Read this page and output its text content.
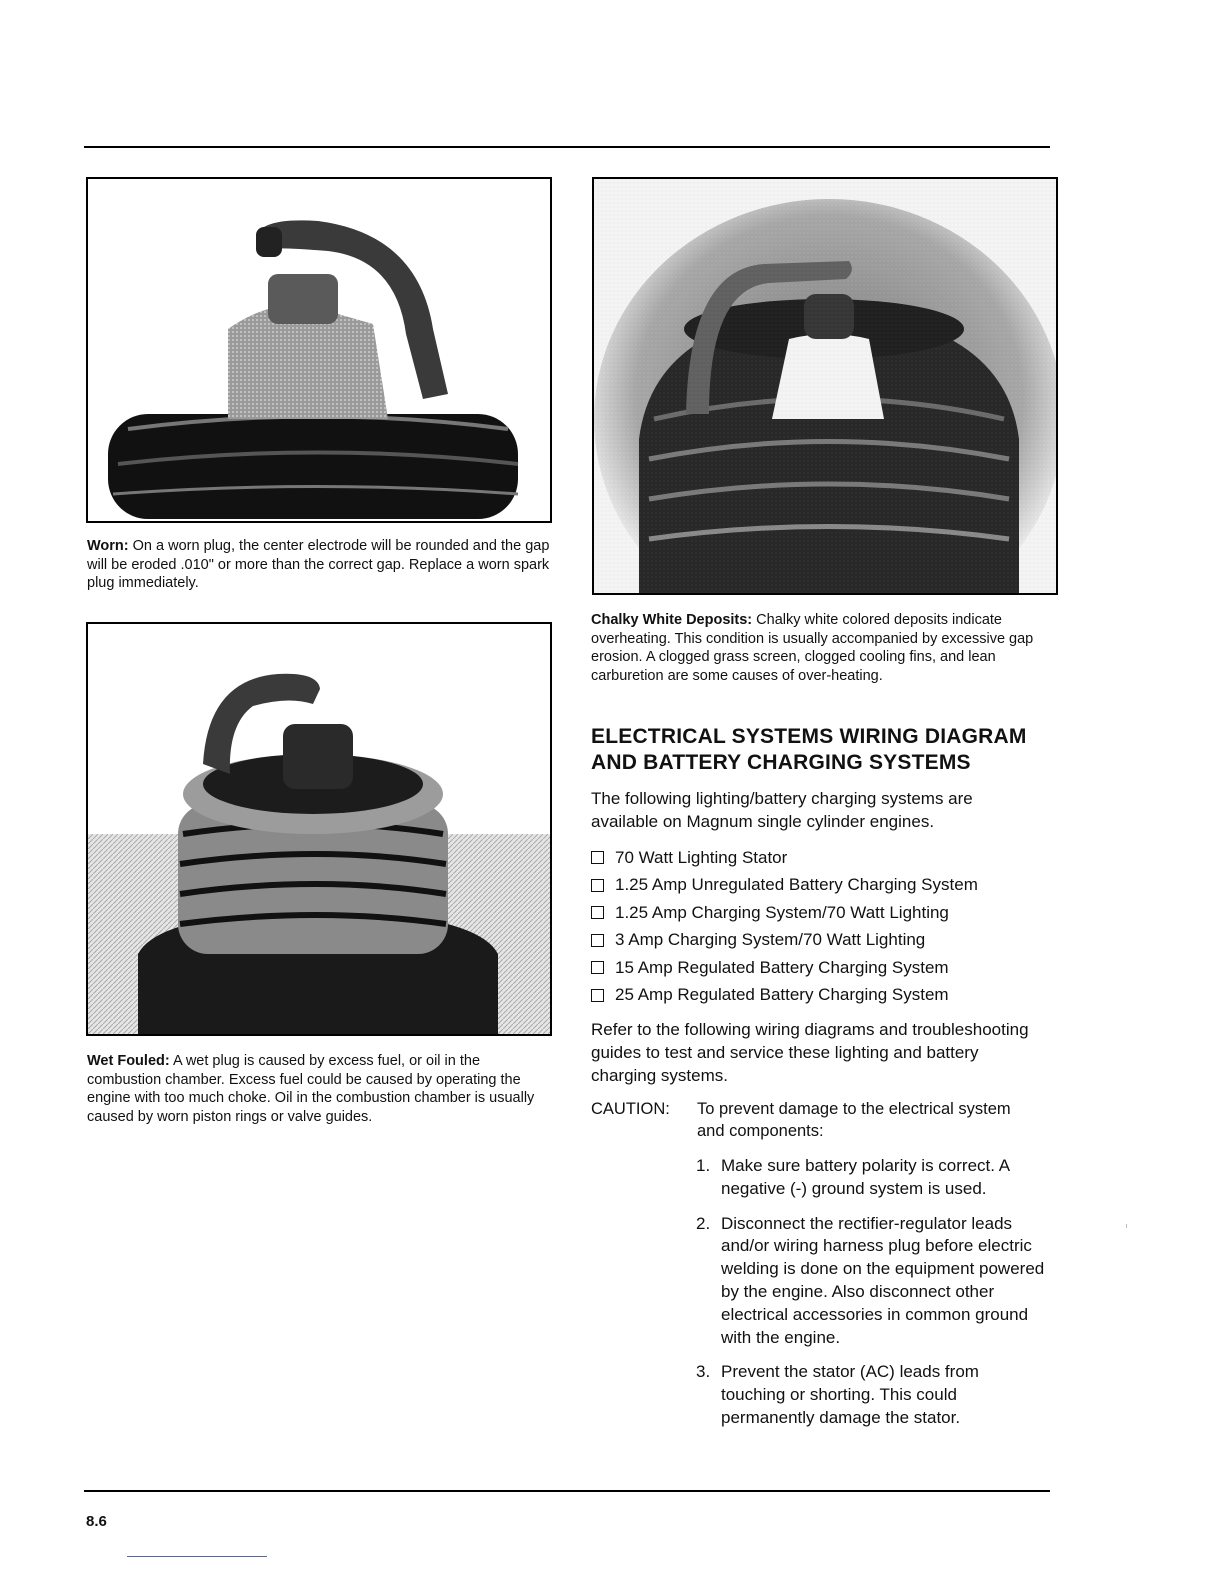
Worn: On a worn plug, the center electrode will be rounded and the gap will be eroded .010" or more than the correct gap. Replace a worn spark plug immediately.
Wet Fouled: A wet plug is caused by excess fuel, or oil in the combustion chamber. Excess fuel could be caused by operating the engine with too much choke. Oil in the combustion chamber is usually caused by worn piston rings or valve guides.
Chalky White Deposits: Chalky white colored deposits indicate overheating. This condition is usually accompanied by excessive gap erosion. A clogged grass screen, clogged cooling fins, and lean carburetion are some causes of over-heating.
ELECTRICAL SYSTEMS WIRING DIAGRAM
AND BATTERY CHARGING SYSTEMS

The following lighting/battery charging systems are available on Magnum single cylinder engines.

70 Watt Lighting Stator
1.25 Amp Unregulated Battery Charging System
1.25 Amp Charging System/70 Watt Lighting
3 Amp Charging System/70 Watt Lighting
15 Amp Regulated Battery Charging System
25 Amp Regulated Battery Charging System

Refer to the following wiring diagrams and troubleshooting guides to test and service these lighting and battery charging systems.

CAUTION: To prevent damage to the electrical system and components:
1. Make sure battery polarity is correct. A negative (-) ground system is used.
2. Disconnect the rectifier-regulator leads and/or wiring harness plug before electric welding is done on the equipment powered by the engine. Also disconnect other electrical accessories in common ground with the engine.
3. Prevent the stator (AC) leads from touching or shorting. This could permanently damage the stator.
8.6
